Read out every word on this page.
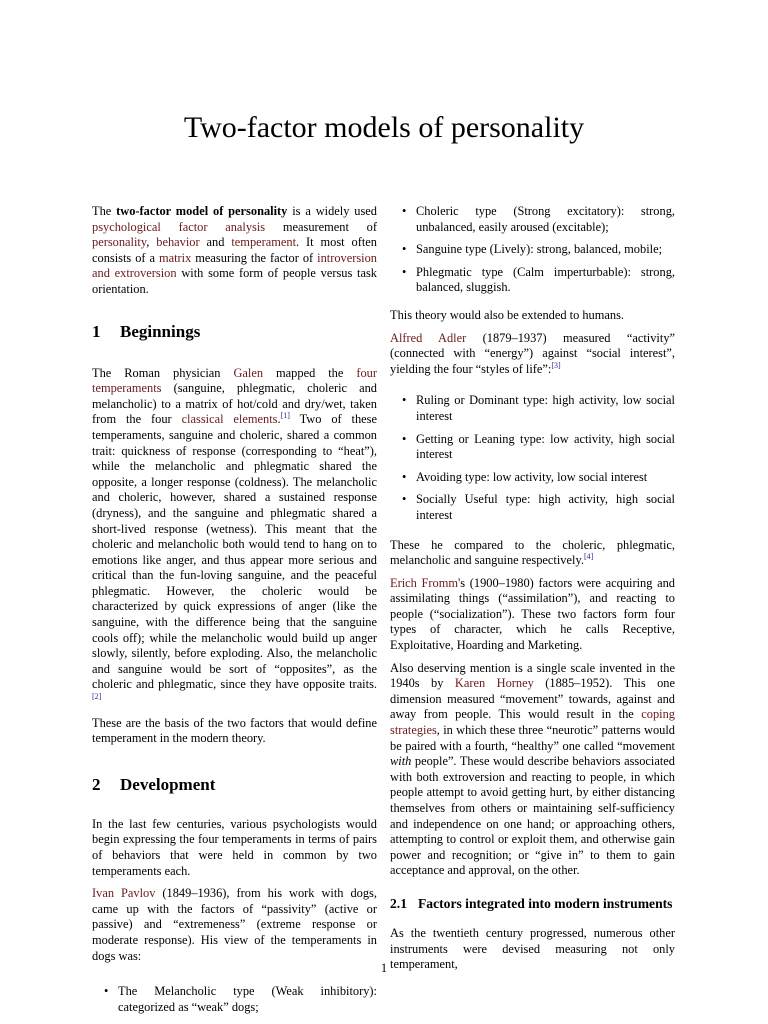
Two-factor models of personality

The two-factor model of personality is a widely used psychological factor analysis measurement of personality, behavior and temperament. It most often consists of a matrix measuring the factor of introversion and extroversion with some form of people versus task orientation.

1 Beginnings

The Roman physician Galen mapped the four temperaments (sanguine, phlegmatic, choleric and melancholic) to a matrix of hot/cold and dry/wet, taken from the four classical elements.[1] Two of these temperaments, sanguine and choleric, shared a common trait: quickness of response (corresponding to “heat”), while the melancholic and phlegmatic shared the opposite, a longer response (coldness). The melancholic and choleric, however, shared a sustained response (dryness), and the sanguine and phlegmatic shared a short-lived response (wetness). This meant that the choleric and melancholic both would tend to hang on to emotions like anger, and thus appear more serious and critical than the fun-loving sanguine, and the peaceful phlegmatic. However, the choleric would be characterized by quick expressions of anger (like the sanguine, with the difference being that the sanguine cools off); while the melancholic would build up anger slowly, silently, before exploding. Also, the melancholic and sanguine would be sort of “opposites”, as the choleric and phlegmatic, since they have opposite traits.[2]

These are the basis of the two factors that would define temperament in the modern theory.

2 Development

In the last few centuries, various psychologists would begin expressing the four temperaments in terms of pairs of behaviors that were held in common by two temperaments each.

Ivan Pavlov (1849–1936), from his work with dogs, came up with the factors of “passivity” (active or passive) and “extremeness” (extreme response or moderate response). His view of the temperaments in dogs was:

• The Melancholic type (Weak inhibitory): categorized as “weak” dogs;
• Choleric type (Strong excitatory): strong, unbalanced, easily aroused (excitable);
• Sanguine type (Lively): strong, balanced, mobile;
• Phlegmatic type (Calm imperturbable): strong, balanced, sluggish.

This theory would also be extended to humans.

Alfred Adler (1879–1937) measured “activity” (connected with “energy”) against “social interest”, yielding the four “styles of life”:[3]

• Ruling or Dominant type: high activity, low social interest
• Getting or Leaning type: low activity, high social interest
• Avoiding type: low activity, low social interest
• Socially Useful type: high activity, high social interest

These he compared to the choleric, phlegmatic, melancholic and sanguine respectively.[4]

Erich Fromm's (1900–1980) factors were acquiring and assimilating things (“assimilation”), and reacting to people (“socialization”). These two factors form four types of character, which he calls Receptive, Exploitative, Hoarding and Marketing.

Also deserving mention is a single scale invented in the 1940s by Karen Horney (1885–1952). This one dimension measured “movement” towards, against and away from people. This would result in the coping strategies, in which these three “neurotic” patterns would be paired with a fourth, “healthy” one called “movement with people”. These would describe behaviors associated with both extroversion and reacting to people, in which people attempt to avoid getting hurt, by either distancing themselves from others or maintaining self-sufficiency and independence on one hand; or approaching others, attempting to control or exploit them, and otherwise gain power and recognition; or “give in” to them to gain acceptance and approval, on the other.

2.1 Factors integrated into modern instruments

As the twentieth century progressed, numerous other instruments were devised measuring not only temperament,

1
